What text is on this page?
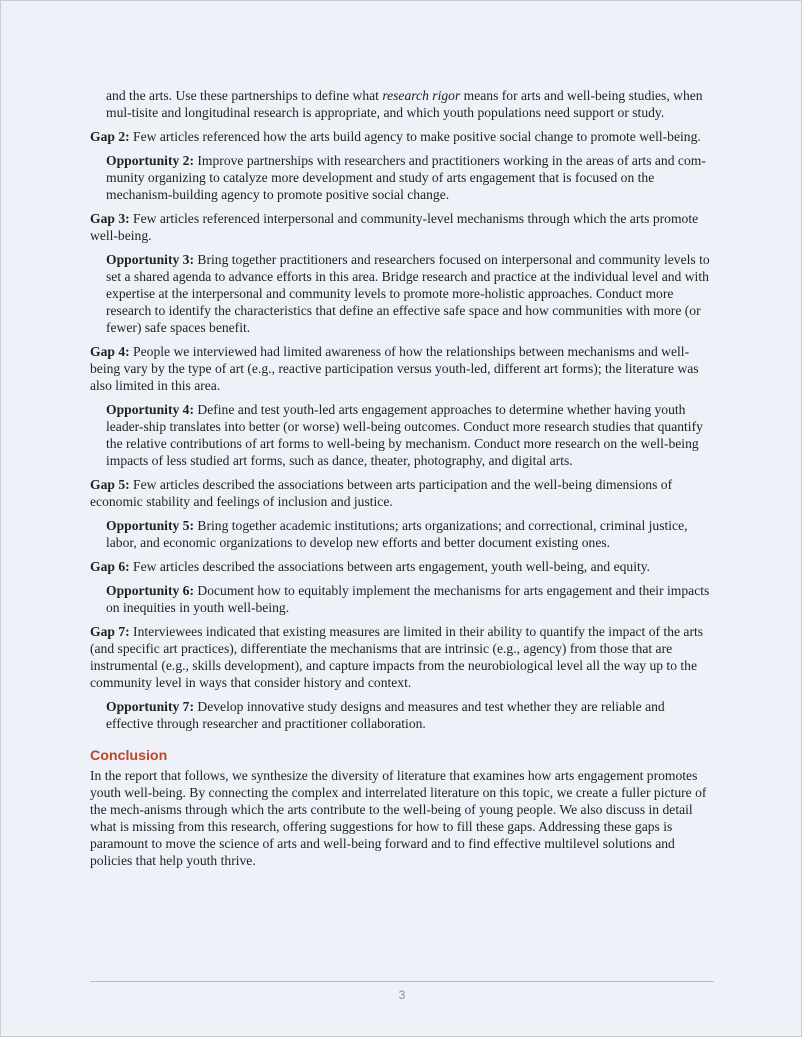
and the arts. Use these partnerships to define what research rigor means for arts and well-being studies, when mul-tisite and longitudinal research is appropriate, and which youth populations need support or study.

Gap 2: Few articles referenced how the arts build agency to make positive social change to promote well-being.

Opportunity 2: Improve partnerships with researchers and practitioners working in the areas of arts and com-munity organizing to catalyze more development and study of arts engagement that is focused on the mechanism-building agency to promote positive social change.

Gap 3: Few articles referenced interpersonal and community-level mechanisms through which the arts promote well-being.

Opportunity 3: Bring together practitioners and researchers focused on interpersonal and community levels to set a shared agenda to advance efforts in this area. Bridge research and practice at the individual level and with expertise at the interpersonal and community levels to promote more-holistic approaches. Conduct more research to identify the characteristics that define an effective safe space and how communities with more (or fewer) safe spaces benefit.

Gap 4: People we interviewed had limited awareness of how the relationships between mechanisms and well-being vary by the type of art (e.g., reactive participation versus youth-led, different art forms); the literature was also limited in this area.

Opportunity 4: Define and test youth-led arts engagement approaches to determine whether having youth leader-ship translates into better (or worse) well-being outcomes. Conduct more research studies that quantify the relative contributions of art forms to well-being by mechanism. Conduct more research on the well-being impacts of less studied art forms, such as dance, theater, photography, and digital arts.

Gap 5: Few articles described the associations between arts participation and the well-being dimensions of economic stability and feelings of inclusion and justice.

Opportunity 5: Bring together academic institutions; arts organizations; and correctional, criminal justice, labor, and economic organizations to develop new efforts and better document existing ones.

Gap 6: Few articles described the associations between arts engagement, youth well-being, and equity.

Opportunity 6: Document how to equitably implement the mechanisms for arts engagement and their impacts on inequities in youth well-being.

Gap 7: Interviewees indicated that existing measures are limited in their ability to quantify the impact of the arts (and specific art practices), differentiate the mechanisms that are intrinsic (e.g., agency) from those that are instrumental (e.g., skills development), and capture impacts from the neurobiological level all the way up to the community level in ways that consider history and context.

Opportunity 7: Develop innovative study designs and measures and test whether they are reliable and effective through researcher and practitioner collaboration.

Conclusion

In the report that follows, we synthesize the diversity of literature that examines how arts engagement promotes youth well-being. By connecting the complex and interrelated literature on this topic, we create a fuller picture of the mech-anisms through which the arts contribute to the well-being of young people. We also discuss in detail what is missing from this research, offering suggestions for how to fill these gaps. Addressing these gaps is paramount to move the science of arts and well-being forward and to find effective multilevel solutions and policies that help youth thrive.

3
